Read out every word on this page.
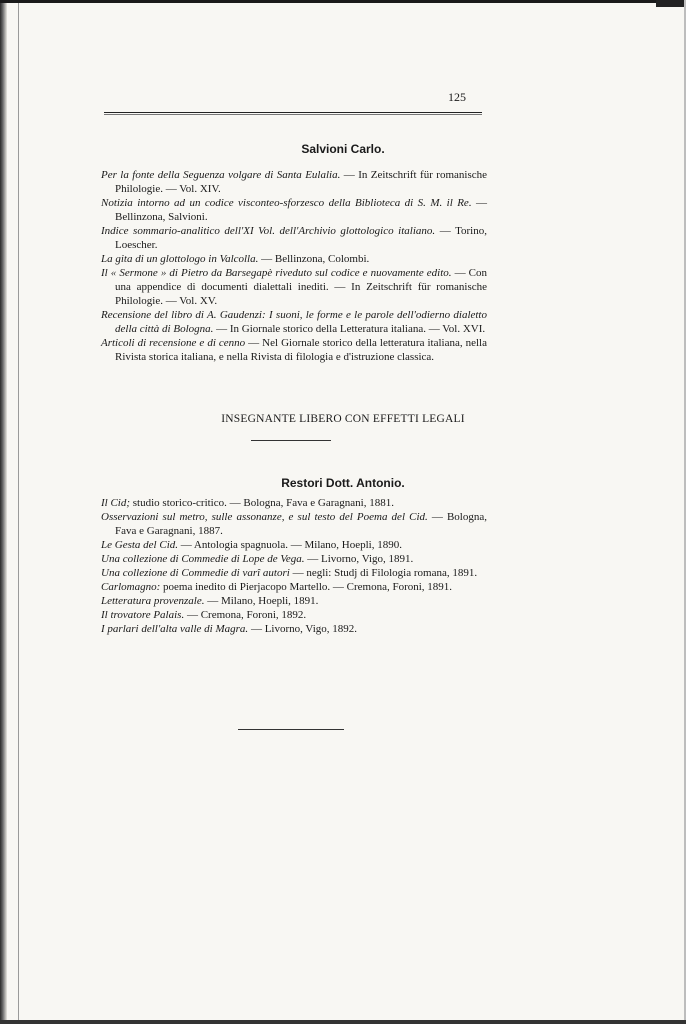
125
Salvioni Carlo.

Per la fonte della Seguenza volgare di Santa Eulalia. — In Zeitschrift für romanische Philologie. — Vol. XIV.

Notizia intorno ad un codice visconteo-sforzesco della Biblioteca di S. M. il Re. — Bellinzona, Salvioni.

Indice sommario-analitico dell'XI Vol. dell'Archivio glottologico italiano. — Torino, Loescher.

La gita di un glottologo in Valcolla. — Bellinzona, Colombi.

Il « Sermone » di Pietro da Barsegapè riveduto sul codice e nuovamente edito. — Con una appendice di documenti dialettali inediti. — In Zeitschrift für romanische Philologie. — Vol. XV.

Recensione del libro di A. Gaudenzi: I suoni, le forme e le parole dell'odierno dialetto della città di Bologna. — In Giornale storico della Letteratura italiana. — Vol. XVI.

Articoli di recensione e di cenno — Nel Giornale storico della letteratura italiana, nella Rivista storica italiana, e nella Rivista di filologia e d'istruzione classica.

INSEGNANTE LIBERO CON EFFETTI LEGALI
Restori Dott. Antonio.

Il Cid; studio storico-critico. — Bologna, Fava e Garagnani, 1881.

Osservazioni sul metro, sulle assonanze, e sul testo del Poema del Cid. — Bologna, Fava e Garagnani, 1887.

Le Gesta del Cid. — Antologia spagnuola. — Milano, Hoepli, 1890.

Una collezione di Commedie di Lope de Vega. — Livorno, Vigo, 1891.

Una collezione di Commedie di varî autori — negli: Studj di Filologia romana, 1891.

Carlomagno: poema inedito di Pierjacopo Martello. — Cremona, Foroni, 1891.

Letteratura provenzale. — Milano, Hoepli, 1891.

Il trovatore Palais. — Cremona, Foroni, 1892.

I parlari dell'alta valle di Magra. — Livorno, Vigo, 1892.
